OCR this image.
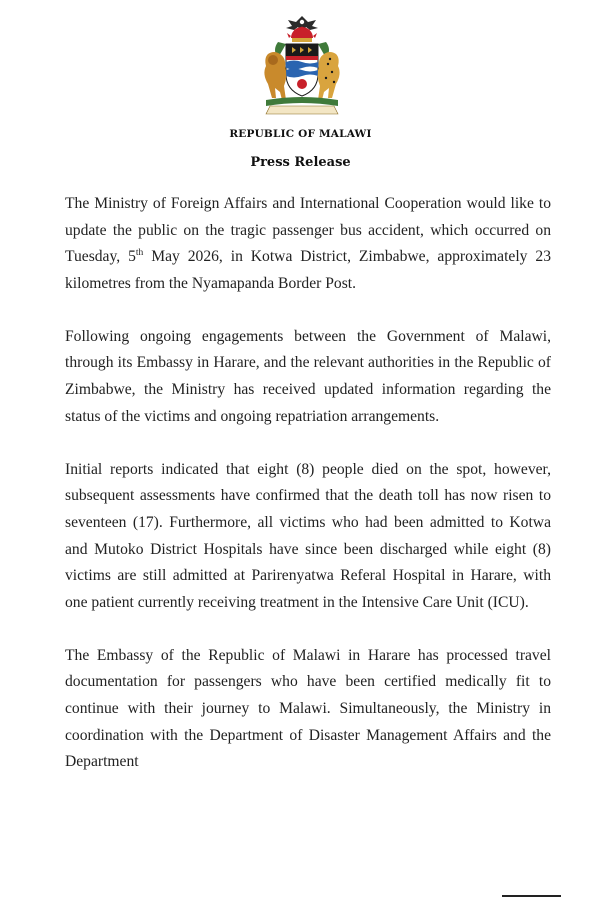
REPUBLIC OF MALAWI
Press Release

The Ministry of Foreign Affairs and International Cooperation would like to update the public on the tragic passenger bus accident, which occurred on Tuesday, 5th May 2026, in Kotwa District, Zimbabwe, approximately 23 kilometres from the Nyamapanda Border Post.

Following ongoing engagements between the Government of Malawi, through its Embassy in Harare, and the relevant authorities in the Republic of Zimbabwe, the Ministry has received updated information regarding the status of the victims and ongoing repatriation arrangements.

Initial reports indicated that eight (8) people died on the spot, however, subsequent assessments have confirmed that the death toll has now risen to seventeen (17). Furthermore, all victims who had been admitted to Kotwa and Mutoko District Hospitals have since been discharged while eight (8) victims are still admitted at Parirenyatwa Referal Hospital in Harare, with one patient currently receiving treatment in the Intensive Care Unit (ICU).

The Embassy of the Republic of Malawi in Harare has processed travel documentation for passengers who have been certified medically fit to continue with their journey to Malawi. Simultaneously, the Ministry in coordination with the Department of Disaster Management Affairs and the Department
